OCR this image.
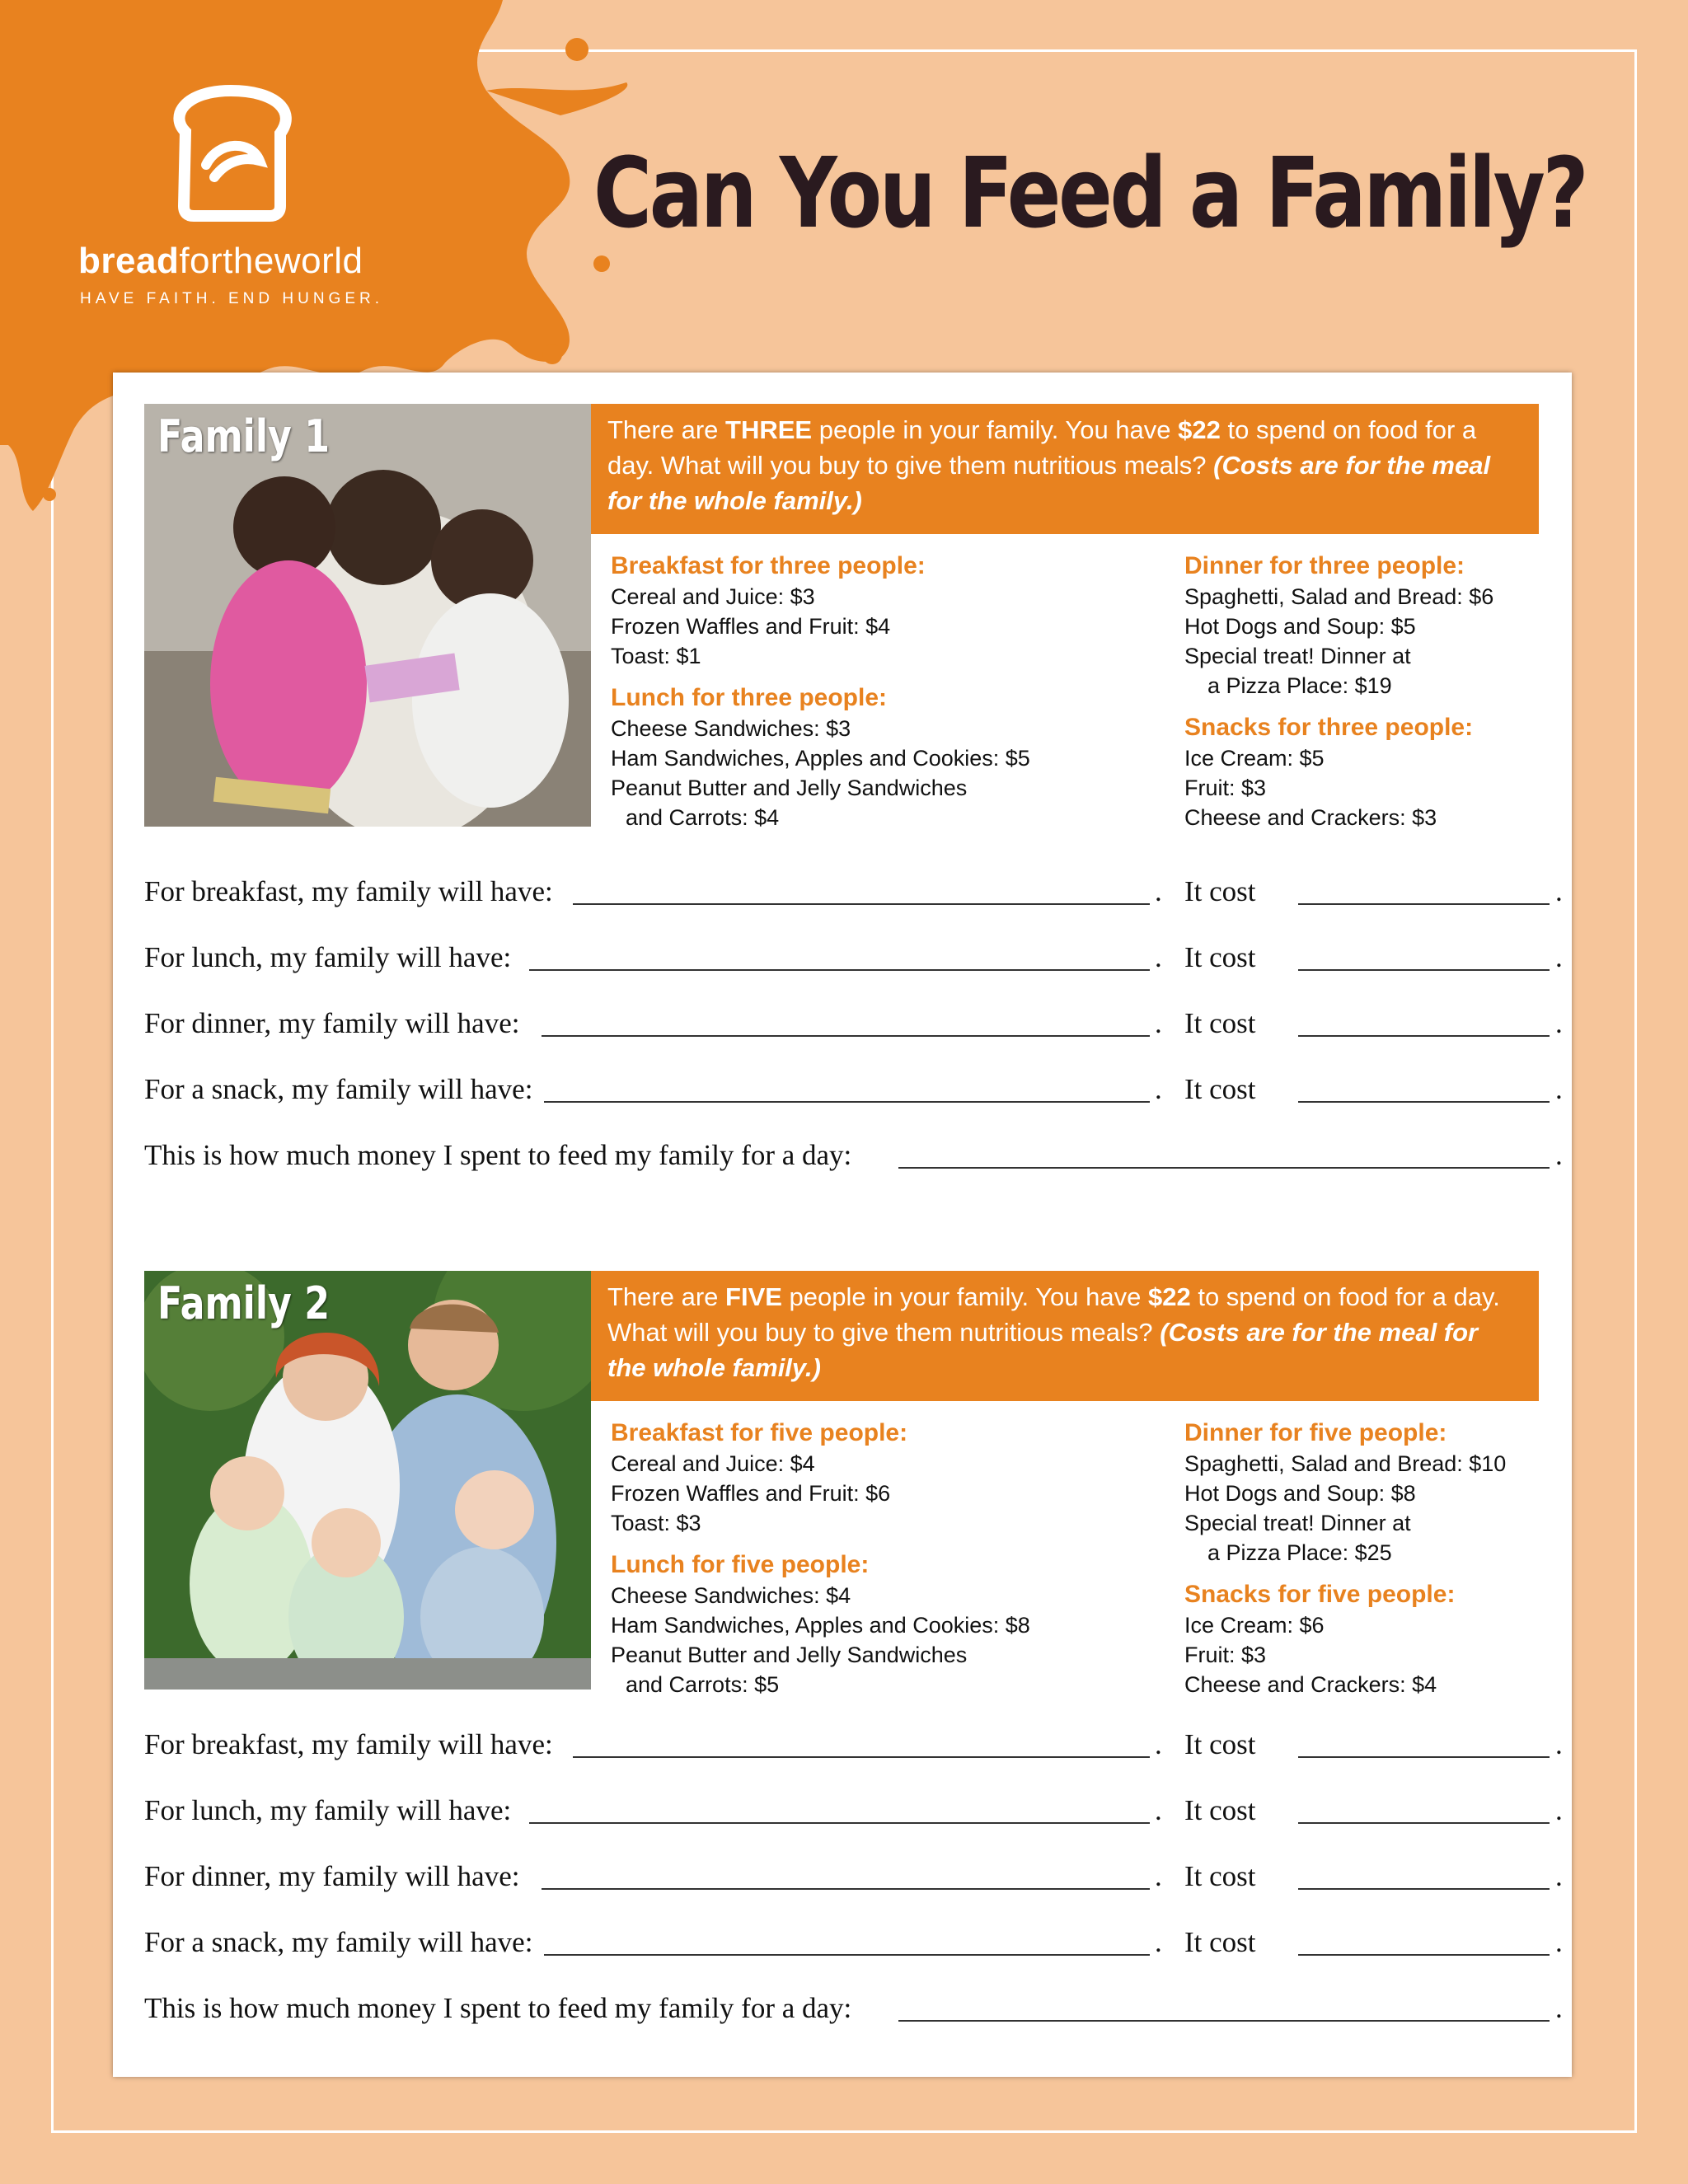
breadfortheworld
HAVE FAITH. END HUNGER.
Can You Feed a Family?
Family 1	There are THREE people in your family. You have $22 to spend on food for a day. What will you buy to give them nutritious meals? (Costs are for the meal for the whole family.)
Breakfast for three people:
Cereal and Juice: $3
Frozen Waffles and Fruit: $4
Toast: $1
Lunch for three people:
Cheese Sandwiches: $3
Ham Sandwiches, Apples and Cookies: $5
Peanut Butter and Jelly Sandwiches
and Carrots: $4
Dinner for three people:
Spaghetti, Salad and Bread: $6
Hot Dogs and Soup: $5
Special treat! Dinner at
a Pizza Place: $19
Snacks for three people:
Ice Cream: $5
Fruit: $3
Cheese and Crackers: $3
For breakfast, my family will have:	. It cost	.
For lunch, my family will have:	. It cost	.
For dinner, my family will have:	. It cost	.
For a snack, my family will have:	. It cost	.
This is how much money I spent to feed my family for a day:	.
Family 2	There are FIVE people in your family. You have $22 to spend on food for a day. What will you buy to give them nutritious meals? (Costs are for the meal for the whole family.)
Breakfast for five people:
Cereal and Juice: $4
Frozen Waffles and Fruit: $6
Toast: $3
Lunch for five people:
Cheese Sandwiches: $4
Ham Sandwiches, Apples and Cookies: $8
Peanut Butter and Jelly Sandwiches
and Carrots: $5
Dinner for five people:
Spaghetti, Salad and Bread: $10
Hot Dogs and Soup: $8
Special treat! Dinner at
a Pizza Place: $25
Snacks for five people:
Ice Cream: $6
Fruit: $3
Cheese and Crackers: $4
For breakfast, my family will have:	. It cost	.
For lunch, my family will have:	. It cost	.
For dinner, my family will have:	. It cost	.
For a snack, my family will have:	. It cost	.
This is how much money I spent to feed my family for a day:	.
